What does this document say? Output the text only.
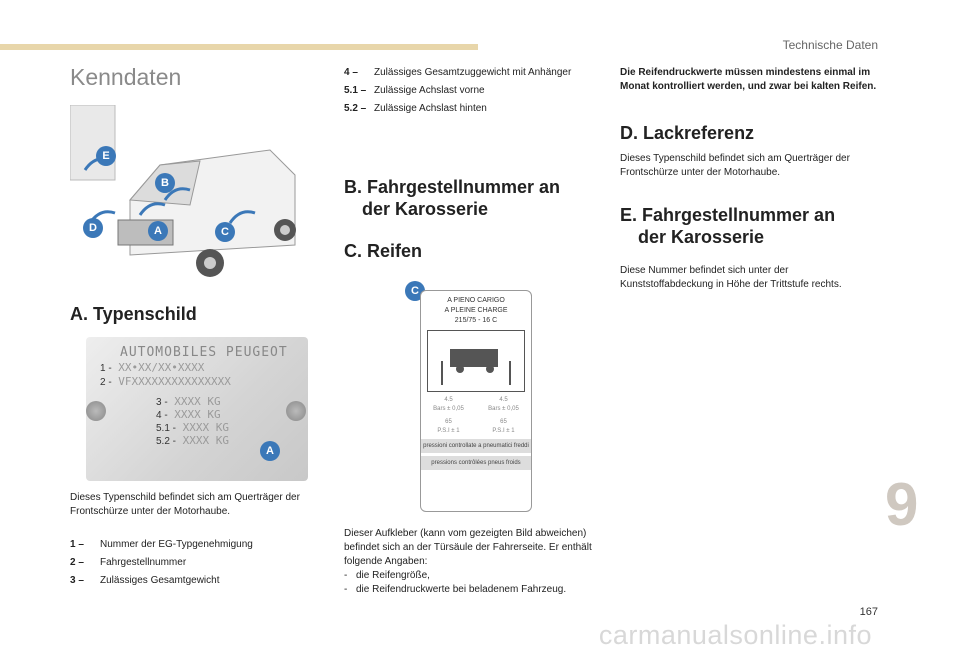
Technische Daten
Kenndaten
E
B
D	A	C
A. Typenschild
AUTOMOBILES PEUGEOT
1 - XX•XX/XX•XXXX
2 - VFXXXXXXXXXXXXXXX
3 - XXXX KG
4 - XXXX KG
5.1 - XXXX KG
5.2 - XXXX KG
A

Dieses Typenschild befindet sich am Querträger der Frontschürze unter der Motorhaube.

1 –	Nummer der EG-Typgenehmigung
2 –	Fahrgestellnummer
3 –	Zulässiges Gesamtgewicht
4 –	Zulässiges Gesamtzuggewicht mit Anhänger
5.1 – Zulässige Achslast vorne
5.2 – Zulässige Achslast hinten
B. Fahrgestellnummer an
der Karosserie
C. Reifen
C
A PIENO CARIGO
A PLEINE CHARGE
215/75 - 16 C
4.5
Bars ± 0,05
65
P.S.I ± 1
4.5
Bars ± 0,05
65
P.S.I ± 1
pressioni controllate a pneumatici freddi
pressions contrôlées pneus froids

Dieser Aufkleber (kann vom gezeigten Bild abweichen) befindet sich an der Türsäule der Fahrerseite. Er enthält folgende Angaben:

- die Reifengröße,
- die Reifendruckwerte bei beladenem Fahrzeug.

Die Reifendruckwerte müssen mindestens einmal im Monat kontrolliert werden, und zwar bei kalten Reifen.

D. Lackreferenz

Dieses Typenschild befindet sich am Querträger der Frontschürze unter der Motorhaube.

E. Fahrgestellnummer an
der Karosserie

Diese Nummer befindet sich unter der Kunststoffabdeckung in Höhe der Trittstufe rechts.

9
167
carmanualsonline.info
